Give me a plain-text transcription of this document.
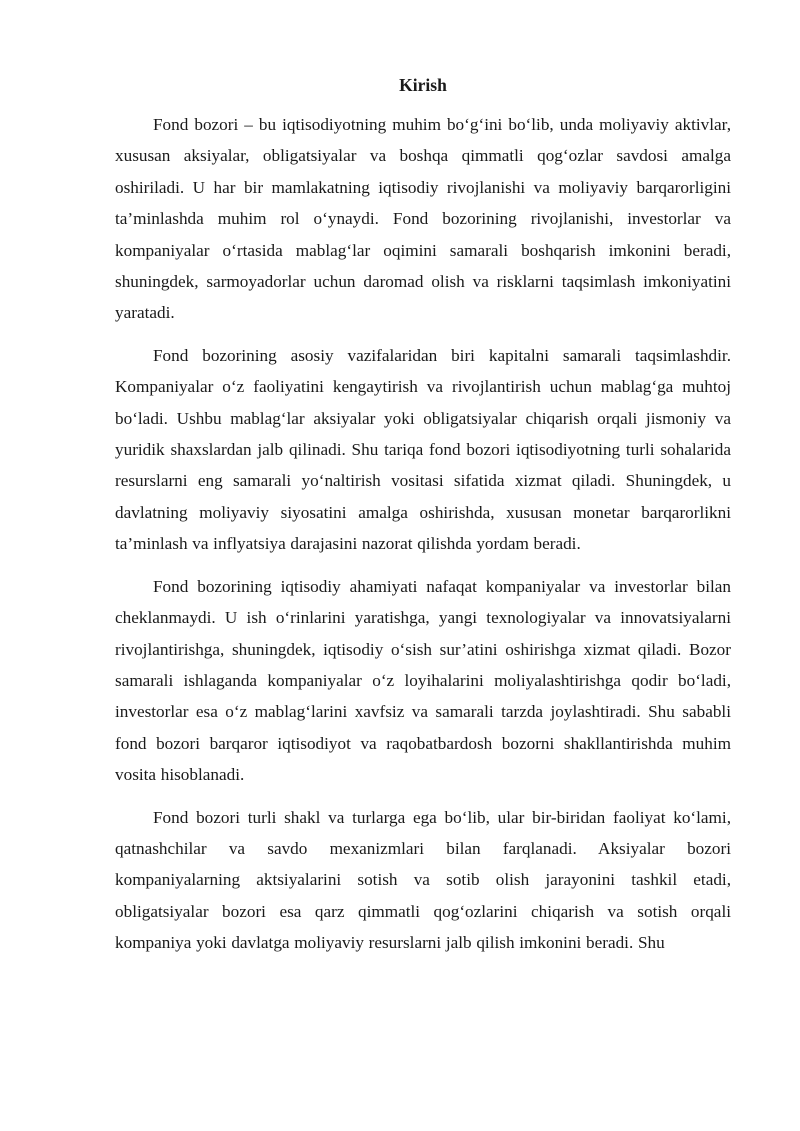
Kirish

Fond bozori – bu iqtisodiyotning muhim bo‘g‘ini bo‘lib, unda moliyaviy aktivlar, xususan aksiyalar, obligatsiyalar va boshqa qimmatli qog‘ozlar savdosi amalga oshiriladi. U har bir mamlakatning iqtisodiy rivojlanishi va moliyaviy barqarorligini ta’minlashda muhim rol o‘ynaydi. Fond bozorining rivojlanishi, investorlar va kompaniyalar o‘rtasida mablag‘lar oqimini samarali boshqarish imkonini beradi, shuningdek, sarmoyadorlar uchun daromad olish va risklarni taqsimlash imkoniyatini yaratadi.

Fond bozorining asosiy vazifalaridan biri kapitalni samarali taqsimlashdir. Kompaniyalar o‘z faoliyatini kengaytirish va rivojlantirish uchun mablag‘ga muhtoj bo‘ladi. Ushbu mablag‘lar aksiyalar yoki obligatsiyalar chiqarish orqali jismoniy va yuridik shaxslardan jalb qilinadi. Shu tariqa fond bozori iqtisodiyotning turli sohalarida resurslarni eng samarali yo‘naltirish vositasi sifatida xizmat qiladi. Shuningdek, u davlatning moliyaviy siyosatini amalga oshirishda, xususan monetar barqarorlikni ta’minlash va inflyatsiya darajasini nazorat qilishda yordam beradi.

Fond bozorining iqtisodiy ahamiyati nafaqat kompaniyalar va investorlar bilan cheklanmaydi. U ish o‘rinlarini yaratishga, yangi texnologiyalar va innovatsiyalarni rivojlantirishga, shuningdek, iqtisodiy o‘sish sur’atini oshirishga xizmat qiladi. Bozor samarali ishlaganda kompaniyalar o‘z loyihalarini moliyalashtirishga qodir bo‘ladi, investorlar esa o‘z mablag‘larini xavfsiz va samarali tarzda joylashtiradi. Shu sababli fond bozori barqaror iqtisodiyot va raqobatbardosh bozorni shakllantirishda muhim vosita hisoblanadi.

Fond bozori turli shakl va turlarga ega bo‘lib, ular bir-biridan faoliyat ko‘lami, qatnashchilar va savdo mexanizmlari bilan farqlanadi. Aksiyalar bozori kompaniyalarning aktsiyalarini sotish va sotib olish jarayonini tashkil etadi, obligatsiyalar bozori esa qarz qimmatli qog‘ozlarini chiqarish va sotish orqali kompaniya yoki davlatga moliyaviy resurslarni jalb qilish imkonini beradi. Shu
